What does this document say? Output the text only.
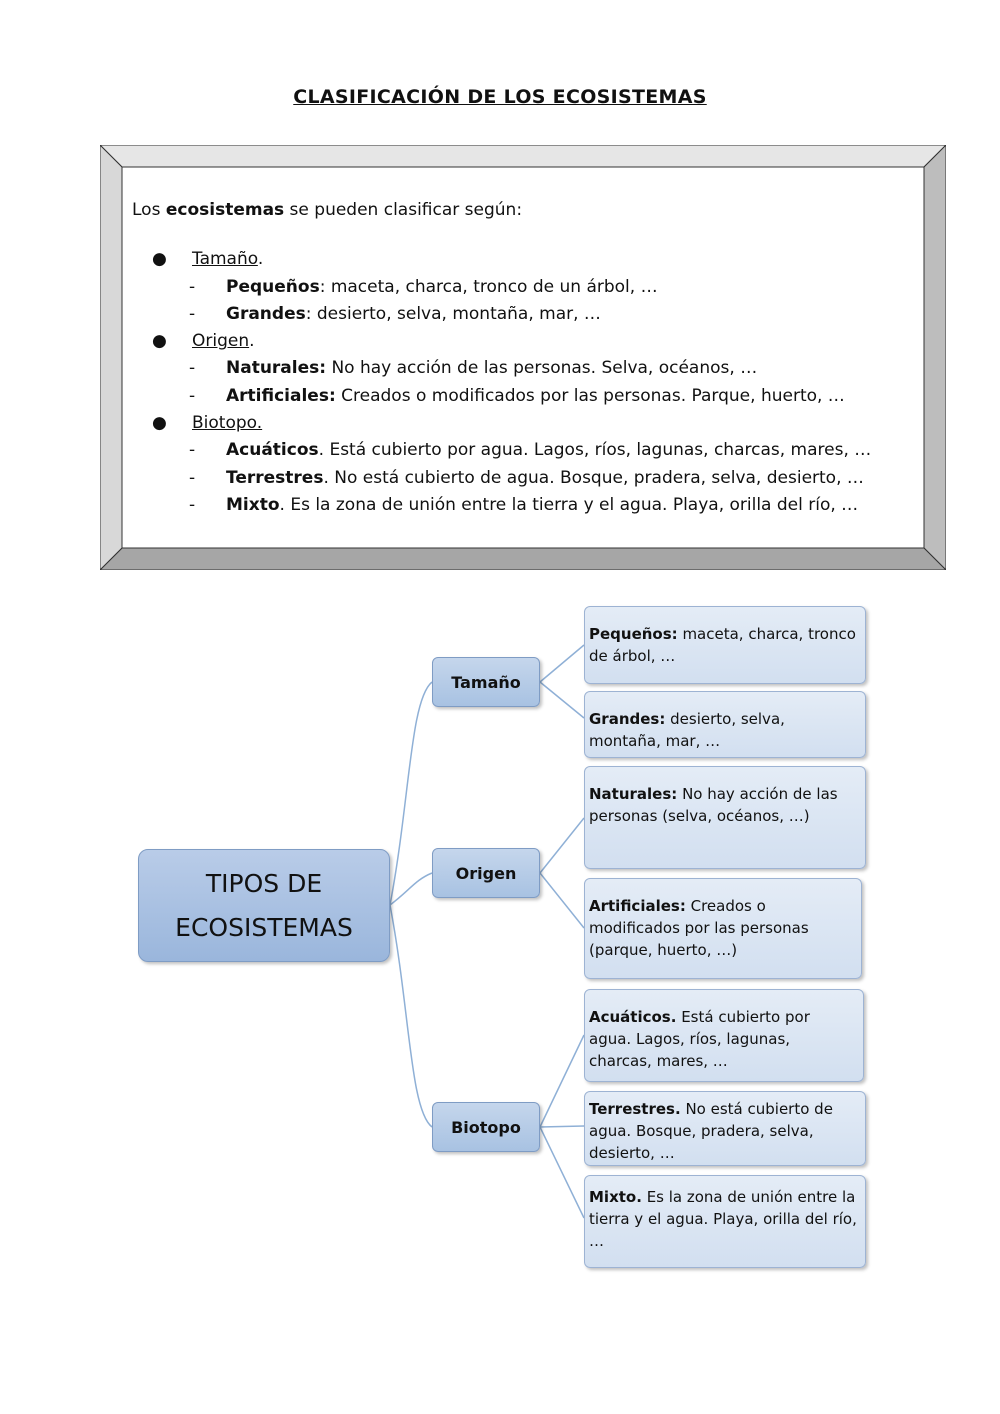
CLASIFICACIÓN DE LOS ECOSISTEMAS
Los ecosistemas se pueden clasificar según:
● Tamaño.
- Pequeños: maceta, charca, tronco de un árbol, …
- Grandes: desierto, selva, montaña, mar, …
● Origen.
- Naturales: No hay acción de las personas. Selva, océanos, …
- Artificiales: Creados o modificados por las personas. Parque, huerto, …
● Biotopo.
- Acuáticos. Está cubierto por agua. Lagos, ríos, lagunas, charcas, mares, …
- Terrestres. No está cubierto de agua. Bosque, pradera, selva, desierto, …
- Mixto. Es la zona de unión entre la tierra y el agua. Playa, orilla del río, …
TIPOS DE
ECOSISTEMAS
Tamaño
Origen
Biotopo
Pequeños: maceta, charca, tronco de árbol, …
Grandes: desierto, selva, montaña, mar, …
Naturales: No hay acción de las personas (selva, océanos, …)
Artificiales: Creados o modificados por las personas (parque, huerto, …)
Acuáticos. Está cubierto por agua. Lagos, ríos, lagunas, charcas, mares, …
Terrestres. No está cubierto de agua. Bosque, pradera, selva, desierto, …
Mixto. Es la zona de unión entre la tierra y el agua. Playa, orilla del río, …
